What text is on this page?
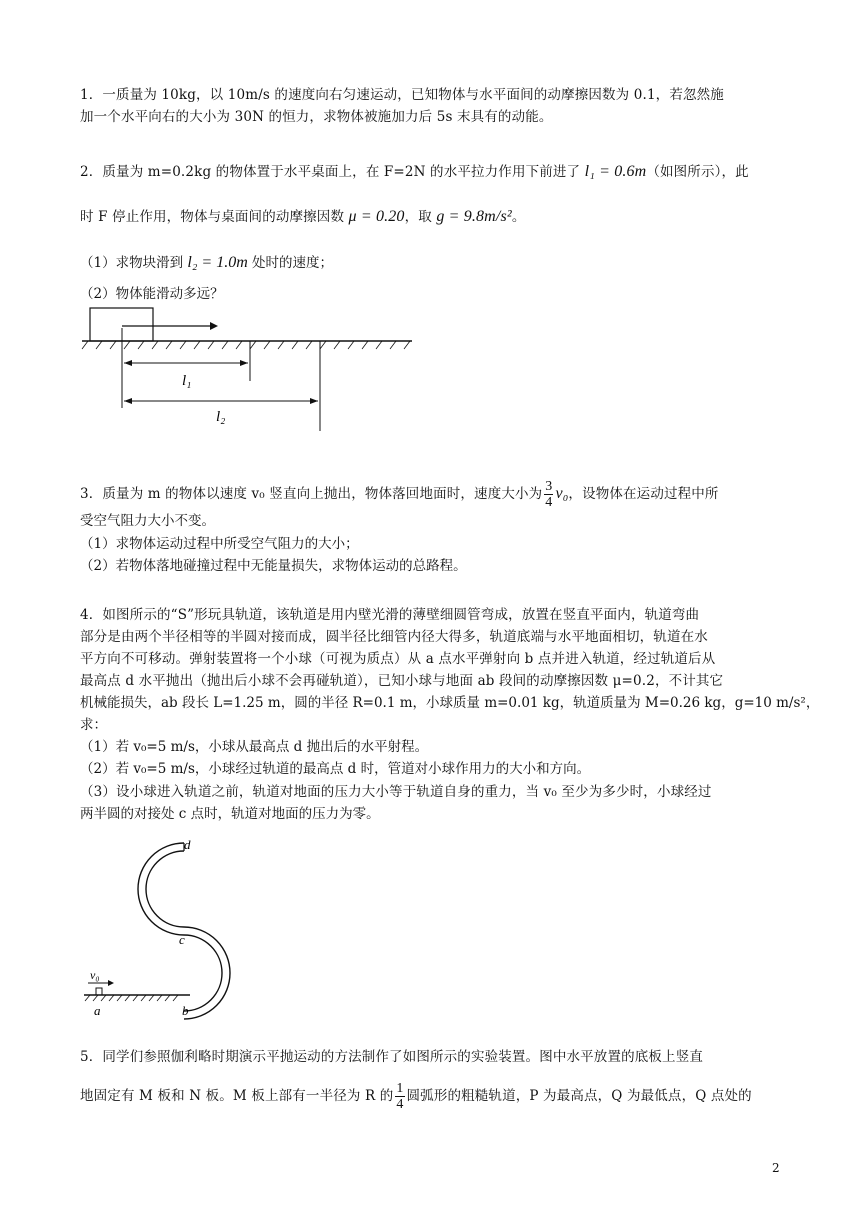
1．一质量为 10kg，以 10m/s 的速度向右匀速运动，已知物体与水平面间的动摩擦因数为 0.1，若忽然施
加一个水平向右的大小为 30N 的恒力，求物体被施加力后 5s 末具有的动能。
2．质量为 m=0.2kg 的物体置于水平桌面上，在 F=2N 的水平拉力作用下前进了 l₁ = 0.6m（如图所示），此
时 F 停止作用，物体与桌面间的动摩擦因数 μ = 0.20，取 g = 9.8m/s²。
（1）求物块滑到 l₂ = 1.0m 处时的速度；
（2）物体能滑动多远？
l₁
l₂
3．质量为 m 的物体以速度 v₀ 竖直向上抛出，物体落回地面时，速度大小为 $\frac{3}{4} v_0$，设物体在运动过程中所
受空气阻力大小不变。
（1）求物体运动过程中所受空气阻力的大小；
（2）若物体落地碰撞过程中无能量损失，求物体运动的总路程。
4．如图所示的“S”形玩具轨道，该轨道是用内壁光滑的薄壁细圆管弯成，放置在竖直平面内，轨道弯曲
部分是由两个半径相等的半圆对接而成，圆半径比细管内径大得多，轨道底端与水平地面相切，轨道在水
平方向不可移动。弹射装置将一个小球（可视为质点）从 a 点水平弹射向 b 点并进入轨道，经过轨道后从
最高点 d 水平抛出（抛出后小球不会再碰轨道），已知小球与地面 ab 段间的动摩擦因数 μ=0.2，不计其它
机械能损失，ab 段长 L=1.25 m，圆的半径 R=0.1 m，小球质量 m=0.01 kg，轨道质量为 M=0.26 kg，g=10 m/s²，
求：
（1）若 v₀=5 m/s，小球从最高点 d 抛出后的水平射程。
（2）若 v₀=5 m/s，小球经过轨道的最高点 d 时，管道对小球作用力的大小和方向。
（3）设小球进入轨道之前，轨道对地面的压力大小等于轨道自身的重力，当 v₀ 至少为多少时，小球经过
两半圆的对接处 c 点时，轨道对地面的压力为零。
v₀
a	b
c
d
5．同学们参照伽利略时期演示平抛运动的方法制作了如图所示的实验装置。图中水平放置的底板上竖直
地固定有 M 板和 N 板。M 板上部有一半径为 R 的 $\frac{1}{4}$ 圆弧形的粗糙轨道，P 为最高点，Q 为最低点，Q 点处的
2
